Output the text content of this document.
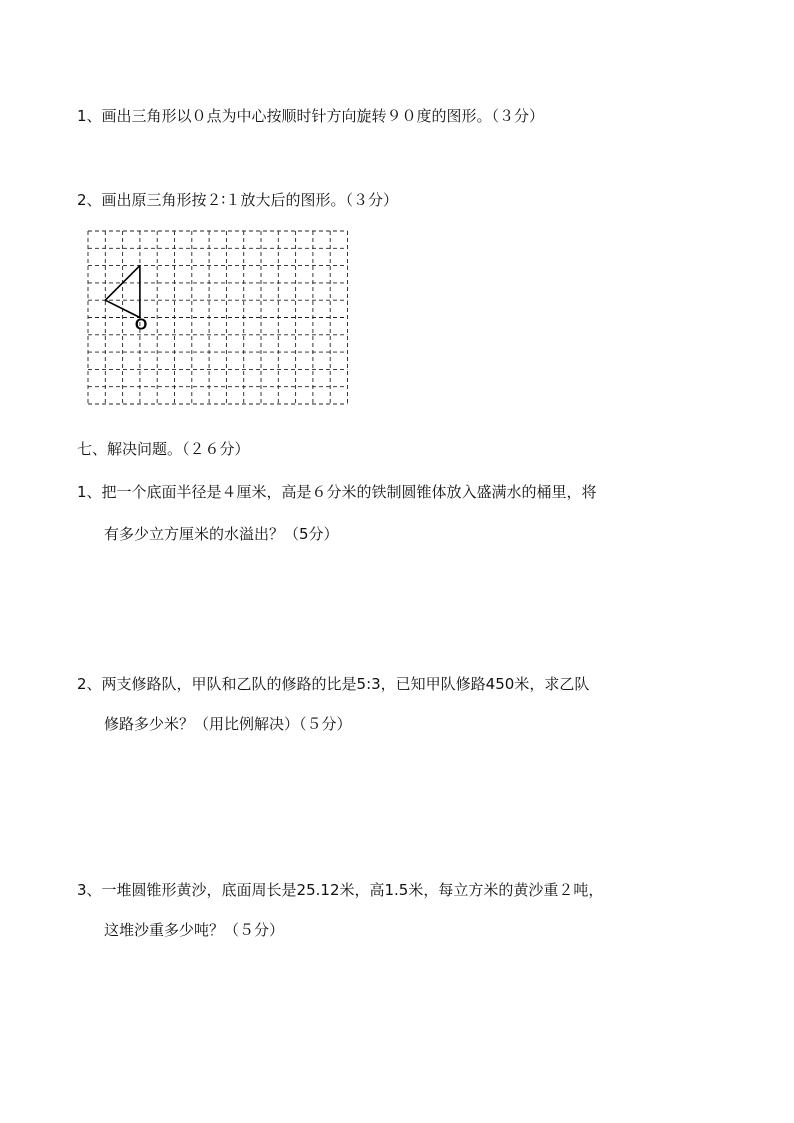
1、画出三角形以０点为中心按顺时针方向旋转９０度的图形。（３分）
2、画出原三角形按２∶１放大后的图形。（３分）
O
七、解决问题。（２６分）
1、把一个底面半径是４厘米，高是６分米的铁制圆锥体放入盛满水的桶里，将
有多少立方厘米的水溢出？（5分）
2、两支修路队，甲队和乙队的修路的比是5:3，已知甲队修路450米，求乙队
修路多少米？（用比例解决）（５分）
3、一堆圆锥形黄沙，底面周长是25.12米，高1.5米，每立方米的黄沙重２吨，
这堆沙重多少吨？（５分）
